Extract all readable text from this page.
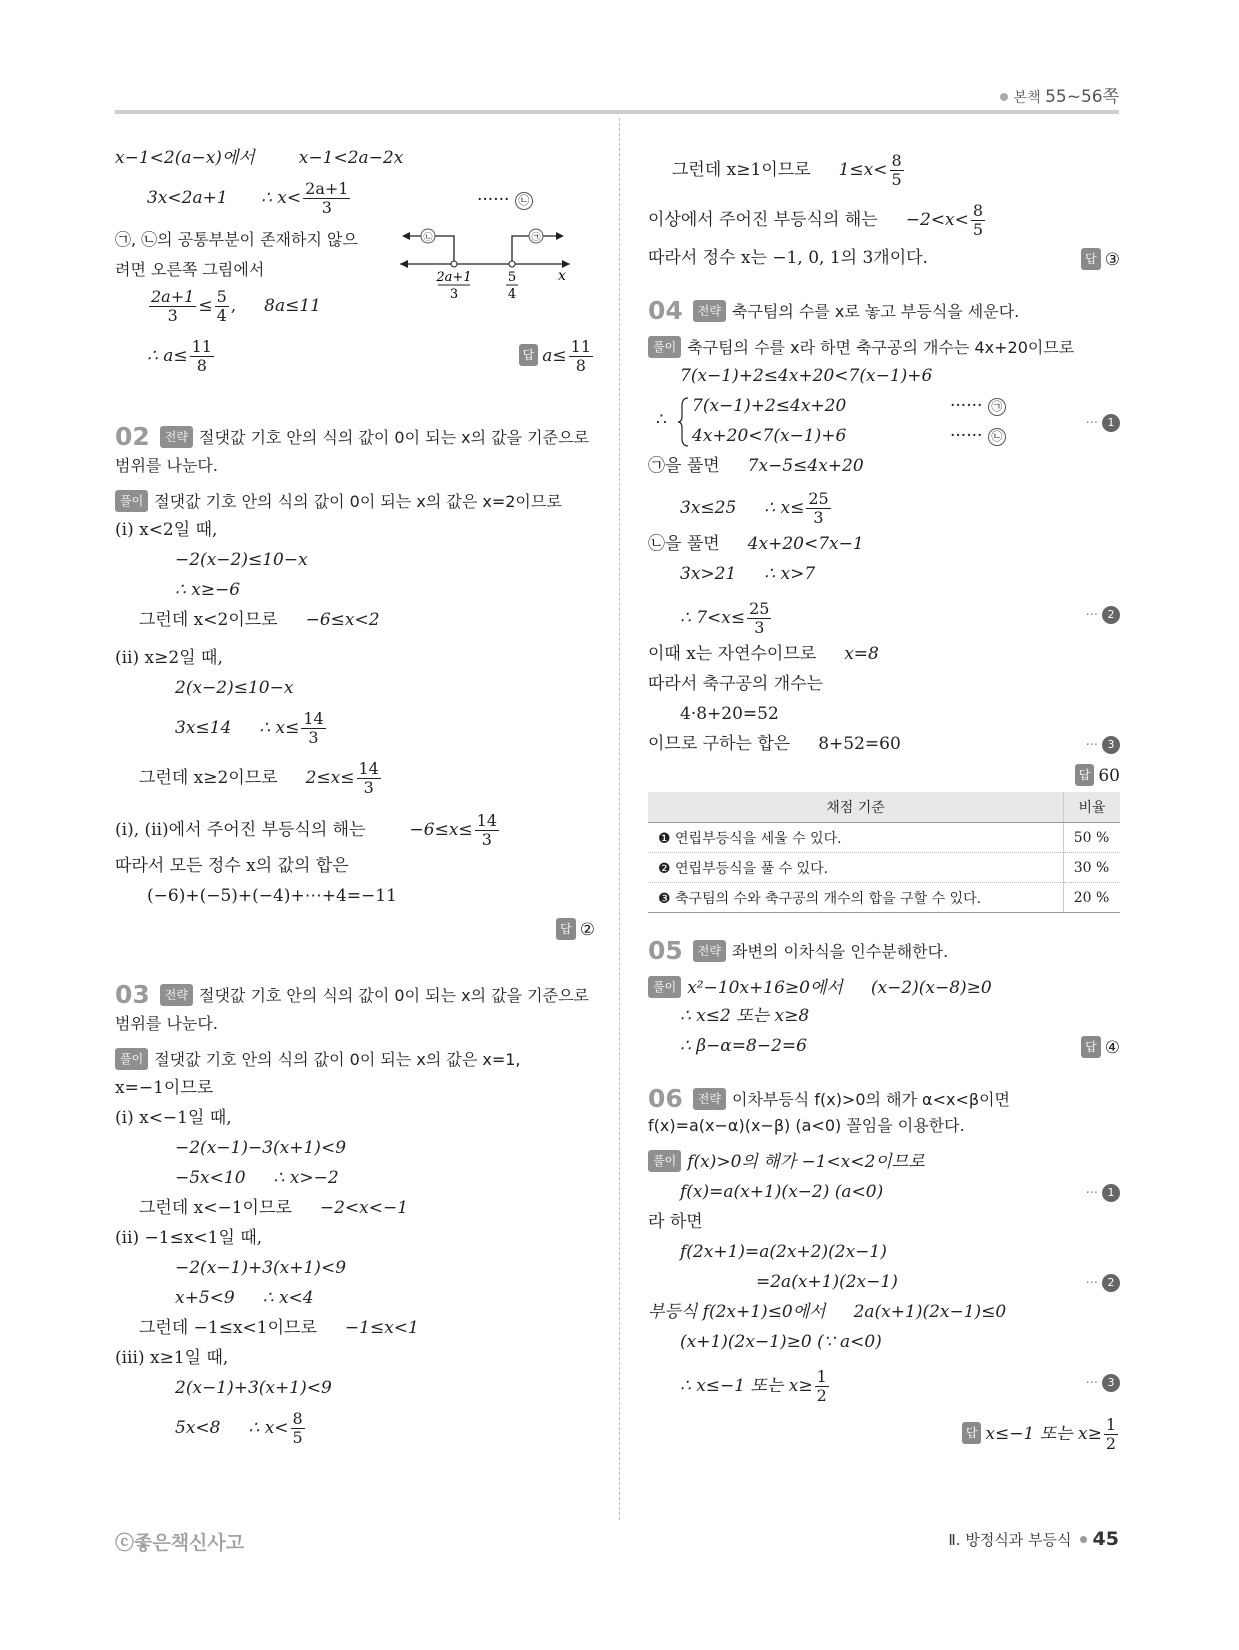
본책 55~56쪽
x−1<2(a−x)에서	x−1<2a−2x
3x<2a+1 ∴ $x< \frac{2a+1}{3}$	······ ㉡
㉠, ㉡의 공통부분이 존재하지 않으
려면 오른쪽 그림에서
㉡	㉠
2a+1
3
5
4
x
$\frac{2a+1}{3} \le \frac{5}{4}$ , 8a≤11
∴ $a\le \frac{11}{8}$	답 $a\le \frac{11}{8}$
02 전략 절댓값 기호 안의 식의 값이 0이 되는 x의 값을 기준으로
범위를 나눈다.
풀이 절댓값 기호 안의 식의 값이 0이 되는 x의 값은 x=2이므로
(ⅰ) x<2일 때,
−2(x−2)≤10−x
∴ x≥−6
그런데 x<2이므로 −6≤x<2
(ⅱ) x≥2일 때,
2(x−2)≤10−x
3x≤14 ∴ $x\le \frac{14}{3}$
그런데 x≥2이므로 $2\le x\le \frac{14}{3}$
(ⅰ), (ⅱ)에서 주어진 부등식의 해는	$-6\le x\le \frac{14}{3}$
따라서 모든 정수 x의 값의 합은
(−6)+(−5)+(−4)+⋯+4=−11
답 ②
03 전략 절댓값 기호 안의 식의 값이 0이 되는 x의 값을 기준으로
범위를 나눈다.
풀이 절댓값 기호 안의 식의 값이 0이 되는 x의 값은 x=1,
x=−1이므로
(ⅰ) x<−1일 때,
−2(x−1)−3(x+1)<9
−5x<10 ∴ x>−2
그런데 x<−1이므로 −2<x<−1
(ⅱ) −1≤x<1일 때,
−2(x−1)+3(x+1)<9
x+5<9 ∴ x<4
그런데 −1≤x<1이므로 −1≤x<1
(ⅲ) x≥1일 때,
2(x−1)+3(x+1)<9
5x<8 ∴ $x< \frac{8}{5}$
그런데 x≥1이므로 $1\le x< \frac{8}{5}$
이상에서 주어진 부등식의 해는 $-2<x< \frac{8}{5}$
따라서 정수 x는 −1, 0, 1의 3개이다.	답 ③
04 전략 축구팀의 수를 x로 놓고 부등식을 세운다.
풀이 축구팀의 수를 x라 하면 축구공의 개수는 4x+20이므로
7(x−1)+2≤4x+20<7(x−1)+6
∴
7(x−1)+2≤4x+20
4x+20<7(x−1)+6
······ ㉠
······ ㉡
··· 1
㉠을 풀면 7x−5≤4x+20
3x≤25 ∴ $x\le \frac{25}{3}$
㉡을 풀면 4x+20<7x−1
3x>21 ∴ x>7
∴ $7<x\le \frac{25}{3}$	··· 2
이때 x는 자연수이므로 x=8
따라서 축구공의 개수는
4·8+20=52
이므로 구하는 합은 8+52=60	··· 3
답 60
채점 기준	비율
❶ 연립부등식을 세울 수 있다.	50 %
❷ 연립부등식을 풀 수 있다.	30 %
❸ 축구팀의 수와 축구공의 개수의 합을 구할 수 있다.	20 %
05 전략 좌변의 이차식을 인수분해한다.
풀이 x²−10x+16≥0에서 (x−2)(x−8)≥0
∴ x≤2 또는 x≥8
∴ β−α=8−2=6	답 ④
06 전략 이차부등식 f(x)>0의 해가 α<x<β이면
f(x)=a(x−α)(x−β) (a<0) 꼴임을 이용한다.
풀이 f(x)>0의 해가 −1<x<2이므로
f(x)=a(x+1)(x−2) (a<0)	··· 1
라 하면
f(2x+1)=a(2x+2)(2x−1)
=2a(x+1)(2x−1)	··· 2
부등식 f(2x+1)≤0에서 2a(x+1)(2x−1)≤0
(x+1)(2x−1)≥0 (∵ a<0)
∴ x≤−1 또는 $x\ge \frac{1}{2}$	··· 3
답 x≤−1 또는 $x\ge \frac{1}{2}$
ⓒ좋은책신사고	Ⅱ. 방정식과 부등식 45
